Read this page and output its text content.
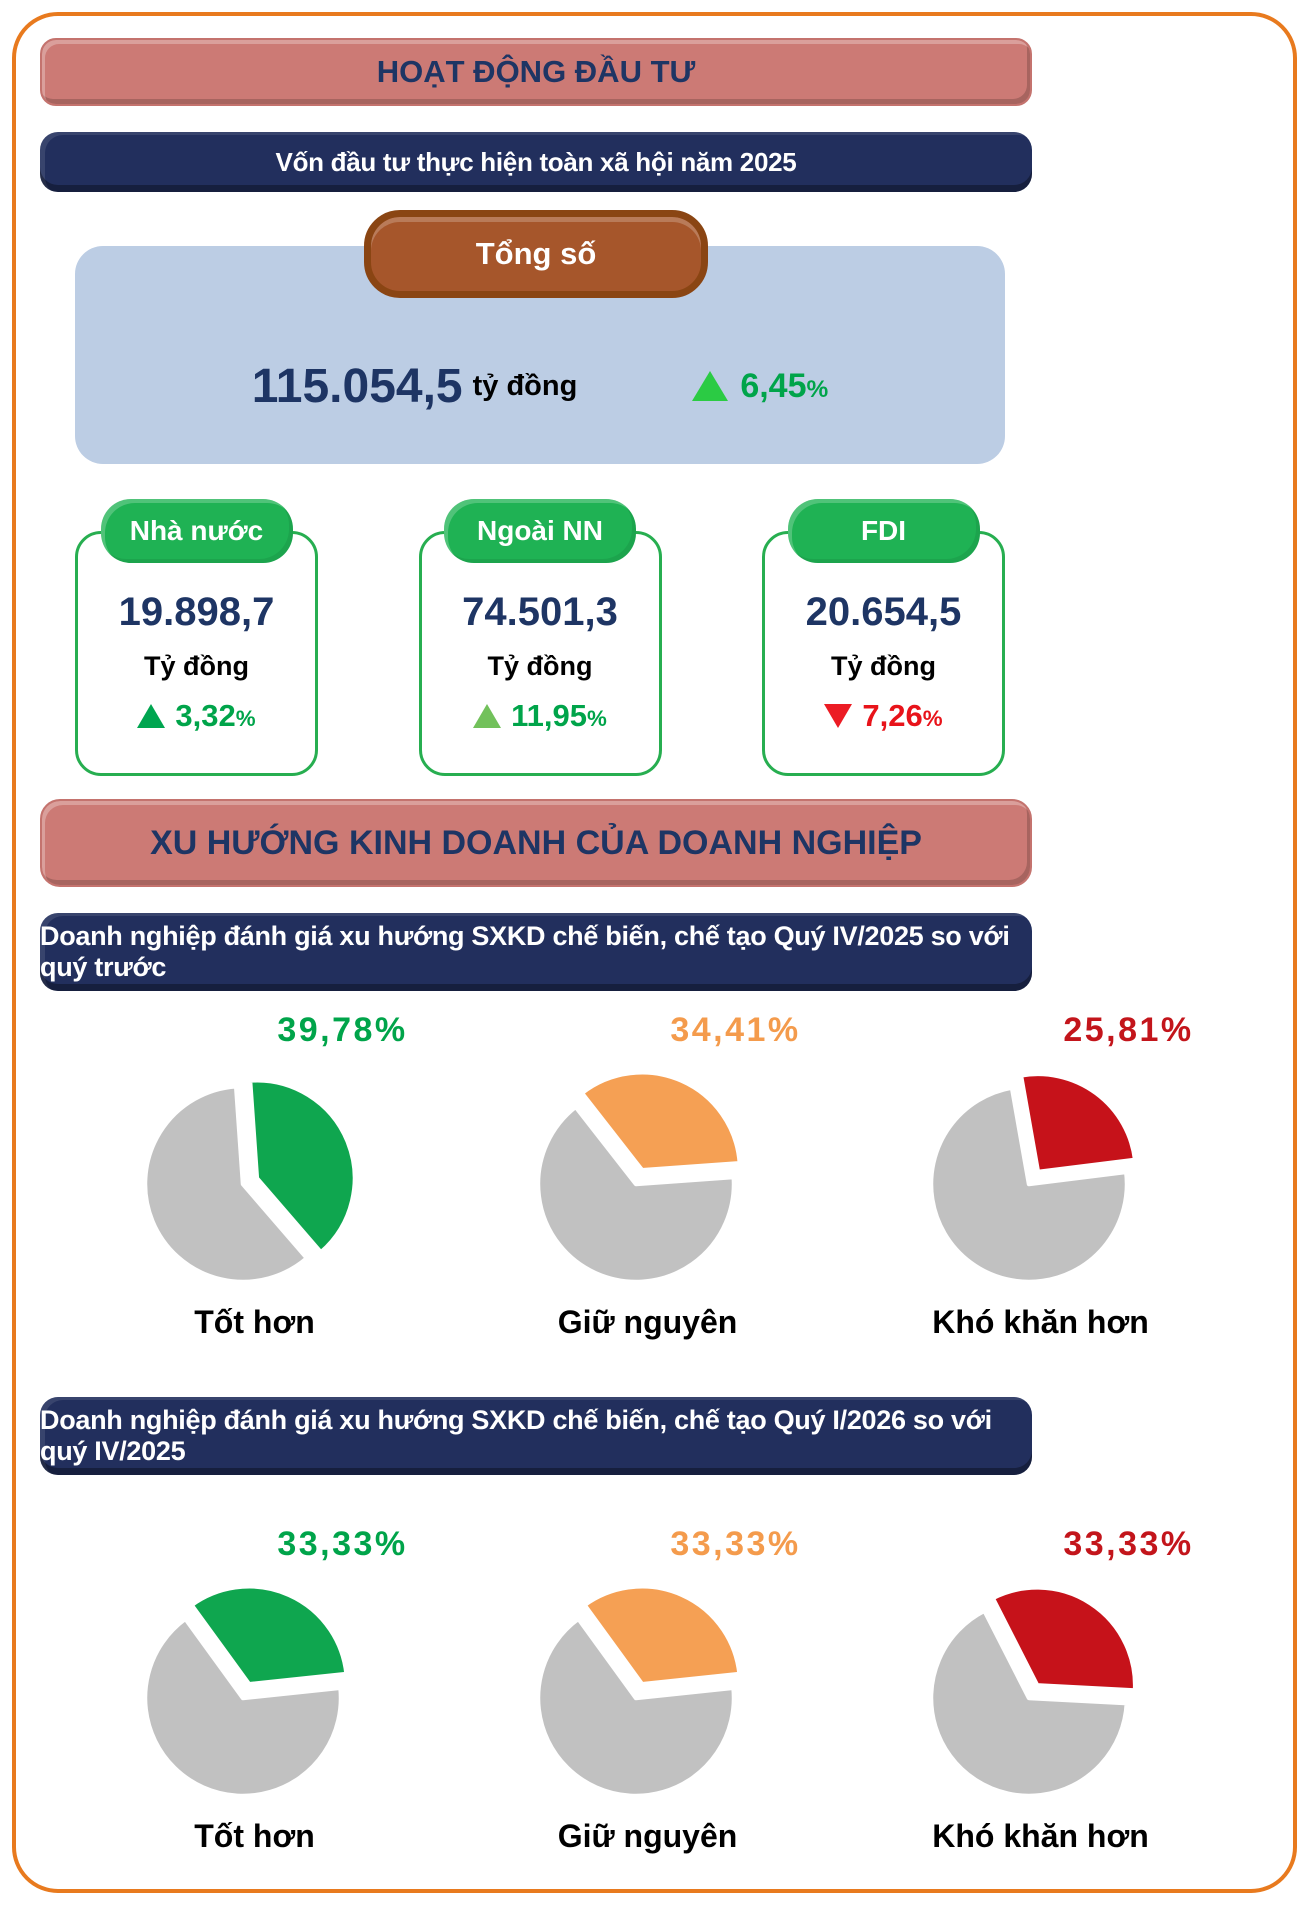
HOẠT ĐỘNG ĐẦU TƯ
Vốn đầu tư thực hiện toàn xã hội năm 2025
Tổng số
115.054,5 tỷ đồng	6,45%
Nhà nước
19.898,7
Tỷ đồng
3,32%
Ngoài NN
74.501,3
Tỷ đồng
11,95%
FDI
20.654,5
Tỷ đồng
7,26%
XU HƯỚNG KINH DOANH CỦA DOANH NGHIỆP
Doanh nghiệp đánh giá xu hướng SXKD chế biến, chế tạo Quý IV/2025 so với quý trước
39,78%
Tốt hơn
34,41%
Giữ nguyên
25,81%
Khó khăn hơn
Doanh nghiệp đánh giá xu hướng SXKD chế biến, chế tạo Quý I/2026 so với quý IV/2025
33,33%
Tốt hơn
33,33%
Giữ nguyên
33,33%
Khó khăn hơn
